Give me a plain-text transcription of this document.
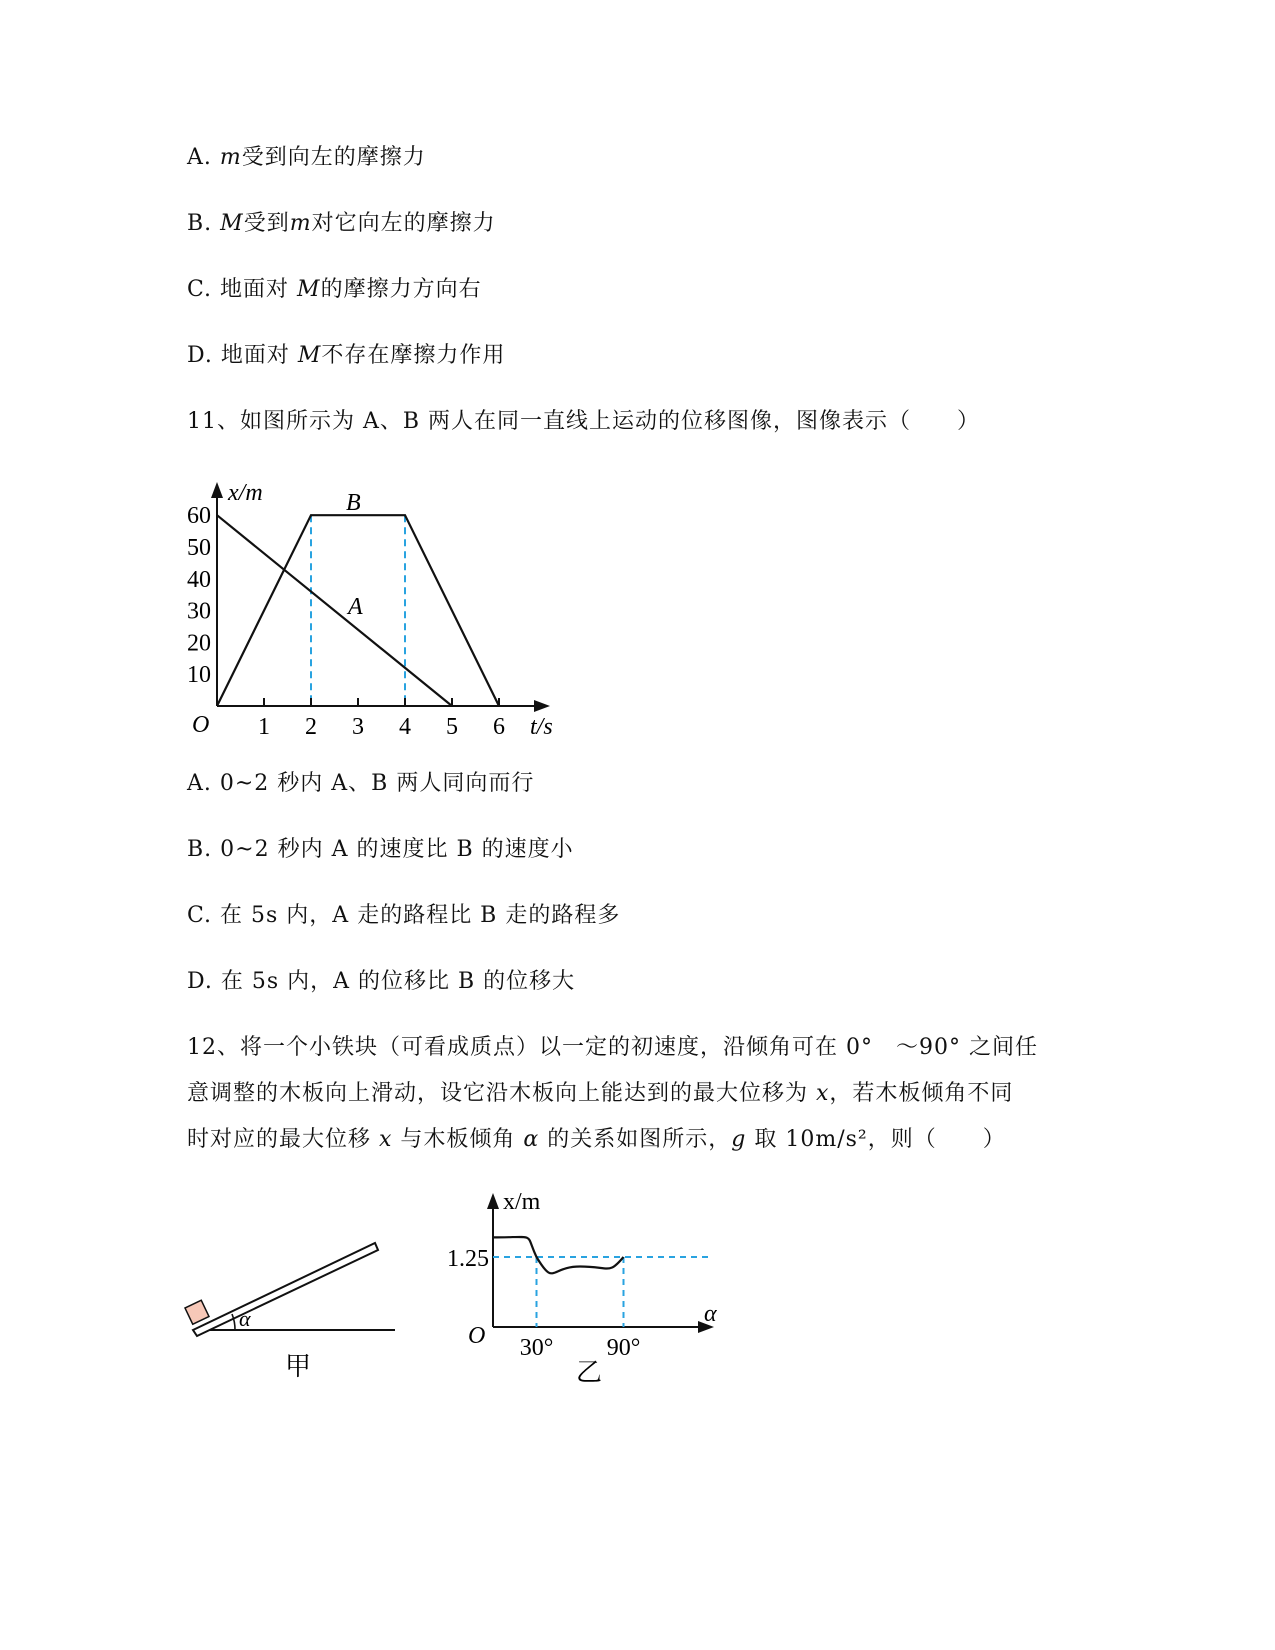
A. m受到向左的摩擦力
B. M受到m对它向左的摩擦力
C. 地面对 M的摩擦力方向右
D. 地面对 M不存在摩擦力作用
11、如图所示为 A、B 两人在同一直线上运动的位移图像，图像表示（　　）
1 2 3 4 5 6
10
20
30
40
50
60
x/m
t/s
O
B
A
A. 0~2 秒内 A、B 两人同向而行
B. 0~2 秒内 A 的速度比 B 的速度小
C. 在 5s 内，A 走的路程比 B 走的路程多
D. 在 5s 内，A 的位移比 B 的位移大
12、将一个小铁块（可看成质点）以一定的初速度，沿倾角可在 0°　～90° 之间任
意调整的木板向上滑动，设它沿木板向上能达到的最大位移为 x，若木板倾角不同
时对应的最大位移 x 与木板倾角 α 的关系如图所示，g 取 10m/s²，则（　　）
α
甲
1.25
30° 90°
x/m
α
O
乙
